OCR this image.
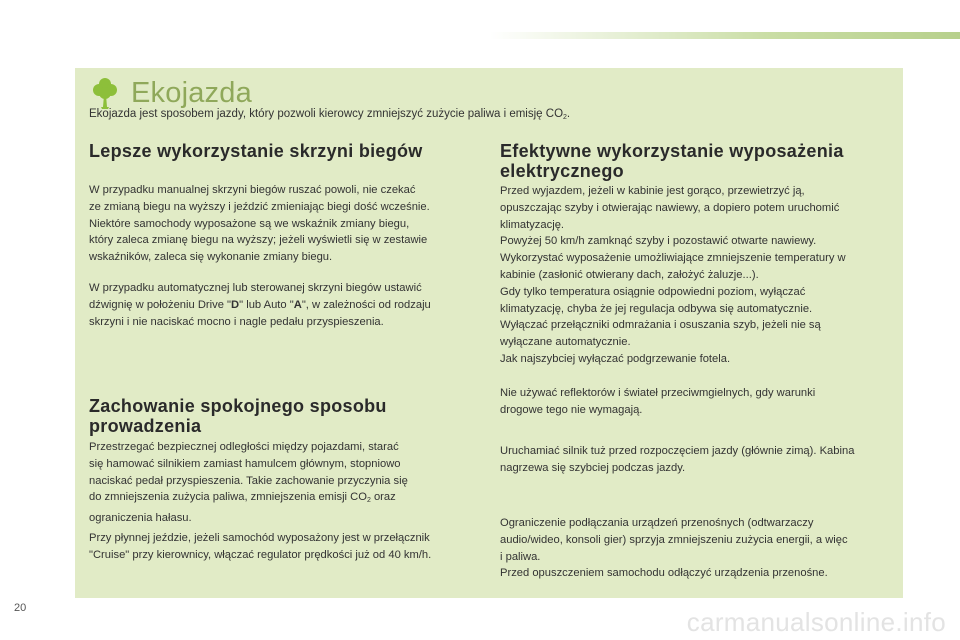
Ekojazda
Ekojazda jest sposobem jazdy, który pozwoli kierowcy zmniejszyć zużycie paliwa i emisję $CO_2$.
Lepsze wykorzystanie skrzyni biegów

W przypadku manualnej skrzyni biegów ruszać powoli, nie czekać

ze zmianą biegu na wyższy i jeździć zmieniając biegi dość wcześnie.

Niektóre samochody wyposażone są we wskaźnik zmiany biegu,

który zaleca zmianę biegu na wyższy; jeżeli wyświetli się w zestawie

wskaźników, zaleca się wykonanie zmiany biegu.

W przypadku automatycznej lub sterowanej skrzyni biegów ustawić

dźwignię w położeniu Drive "D" lub Auto "A", w zależności od rodzaju

skrzyni i nie naciskać mocno i nagle pedału przyspieszenia.

Zachowanie spokojnego sposobu
prowadzenia

Przestrzegać bezpiecznej odległości między pojazdami, starać

się hamować silnikiem zamiast hamulcem głównym, stopniowo

naciskać pedał przyspieszenia. Takie zachowanie przyczynia się

do zmniejszenia zużycia paliwa, zmniejszenia emisji $CO_2$ oraz

ograniczenia hałasu.

Przy płynnej jeździe, jeżeli samochód wyposażony jest w przełącznik

"Cruise" przy kierownicy, włączać regulator prędkości już od 40 km/h.

Efektywne wykorzystanie wyposażenia
elektrycznego

Przed wyjazdem, jeżeli w kabinie jest gorąco, przewietrzyć ją,

opuszczając szyby i otwierając nawiewy, a dopiero potem uruchomić

klimatyzację.

Powyżej 50 km/h zamknąć szyby i pozostawić otwarte nawiewy.

Wykorzystać wyposażenie umożliwiające zmniejszenie temperatury w

kabinie (zasłonić otwierany dach, założyć żaluzje...).

Gdy tylko temperatura osiągnie odpowiedni poziom, wyłączać

klimatyzację, chyba że jej regulacja odbywa się automatycznie.

Wyłączać przełączniki odmrażania i osuszania szyb, jeżeli nie są

wyłączane automatycznie.

Jak najszybciej wyłączać podgrzewanie fotela.

Nie używać reflektorów i świateł przeciwmgielnych, gdy warunki

drogowe tego nie wymagają.

Uruchamiać silnik tuż przed rozpoczęciem jazdy (głównie zimą). Kabina

nagrzewa się szybciej podczas jazdy.

Ograniczenie podłączania urządzeń przenośnych (odtwarzaczy

audio/wideo, konsoli gier) sprzyja zmniejszeniu zużycia energii, a więc

i paliwa.

Przed opuszczeniem samochodu odłączyć urządzenia przenośne.

20	carmanualsonline.info
